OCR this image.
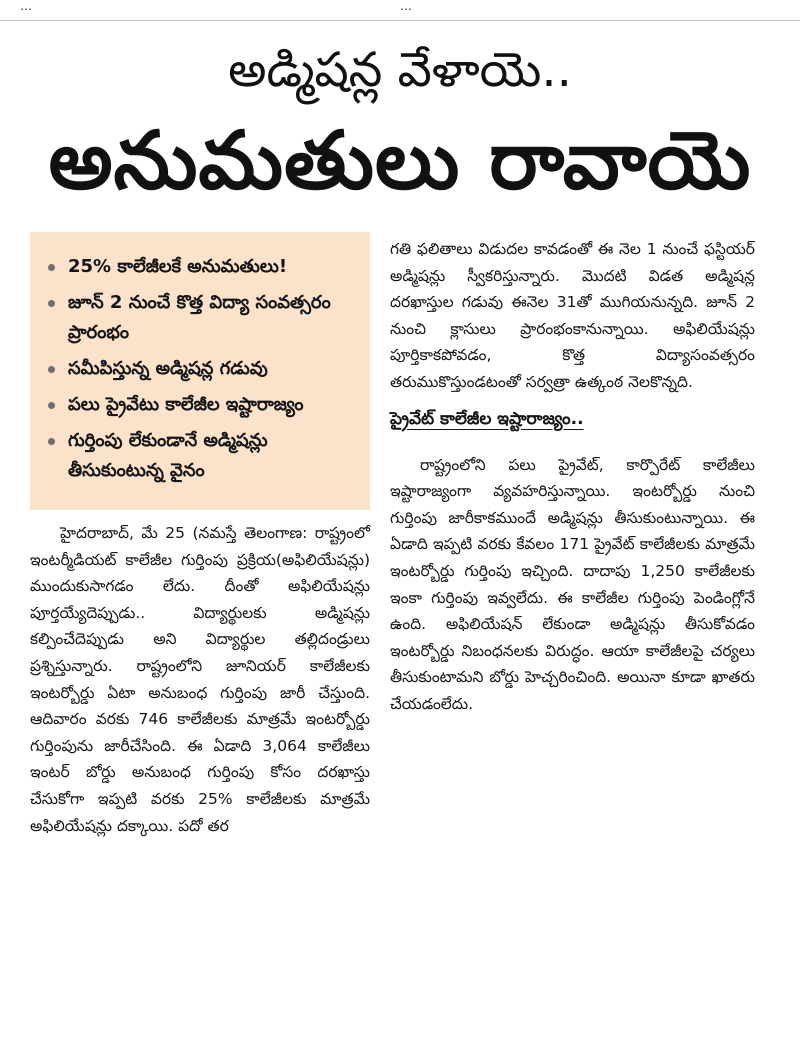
…	…
అడ్మిషన్ల వేళాయె..
అనుమతులు రావాయె
25% కాలేజీలకే అనుమతులు!
జూన్ 2 నుంచే కొత్త విద్యా సంవత్సరం ప్రారంభం
సమీపిస్తున్న అడ్మిషన్ల గడువు
పలు ప్రైవేటు కాలేజీల ఇష్టారాజ్యం
గుర్తింపు లేకుండానే అడ్మిషన్లు తీసుకుంటున్న వైనం

హైదరాబాద్, మే 25 (నమస్తే తెలంగాణ: రాష్ట్రంలో ఇంటర్మీడియట్ కాలేజీల గుర్తింపు ప్రక్రియ(అఫిలియేషన్లు) ముందుకుసాగడం లేదు. దీంతో అఫిలియేషన్లు పూర్తయ్యేదెప్పుడు.. విద్యార్థులకు అడ్మిషన్లు కల్పించేదెప్పుడు అని విద్యార్థుల తల్లిదండ్రులు ప్రశ్నిస్తున్నారు. రాష్ట్రంలోని జూనియర్ కాలేజీలకు ఇంటర్బోర్డు ఏటా అనుబంధ గుర్తింపు జారీ చేస్తుంది. ఆదివారం వరకు 746 కాలేజీలకు మాత్రమే ఇంటర్బోర్డు గుర్తింపును జారీచేసింది. ఈ ఏడాది 3,064 కాలేజీలు ఇంటర్ బోర్డు అనుబంధ గుర్తింపు కోసం దరఖాస్తు చేసుకోగా ఇప్పటి వరకు 25% కాలేజీలకు మాత్రమే అఫిలియేషన్లు దక్కాయి. పదో తర

గతి ఫలితాలు విడుదల కావడంతో ఈ నెల 1 నుంచే ఫస్టియర్ అడ్మిషన్లు స్వీకరిస్తున్నారు. మొదటి విడత అడ్మిషన్ల దరఖాస్తుల గడువు ఈనెల 31తో ముగియనున్నది. జూన్ 2 నుంచి క్లాసులు ప్రారంభంకానున్నాయి. అఫిలియేషన్లు పూర్తికాకపోవడం, కొత్త విద్యాసంవత్సరం తరుముకొస్తుండటంతో సర్వత్రా ఉత్కంఠ నెలకొన్నది.

ప్రైవేట్ కాలేజీల ఇష్టారాజ్యం..

రాష్ట్రంలోని పలు ప్రైవేట్, కార్పొరేట్ కాలేజీలు ఇష్టారాజ్యంగా వ్యవహరిస్తున్నాయి. ఇంటర్బోర్డు నుంచి గుర్తింపు జారీకాకముందే అడ్మిషన్లు తీసుకుంటున్నాయి. ఈ ఏడాది ఇప్పటి వరకు కేవలం 171 ప్రైవేట్ కాలేజీలకు మాత్రమే ఇంటర్బోర్డు గుర్తింపు ఇచ్చింది. దాదాపు 1,250 కాలేజీలకు ఇంకా గుర్తింపు ఇవ్వలేదు. ఈ కాలేజీల గుర్తింపు పెండింగ్లోనే ఉంది. అఫిలియేషన్ లేకుండా అడ్మిషన్లు తీసుకోవడం ఇంటర్బోర్డు నిబంధనలకు విరుద్ధం. ఆయా కాలేజీలపై చర్యలు తీసుకుంటామని బోర్డు హెచ్చరించింది. అయినా కూడా ఖాతరు చేయడంలేదు.
